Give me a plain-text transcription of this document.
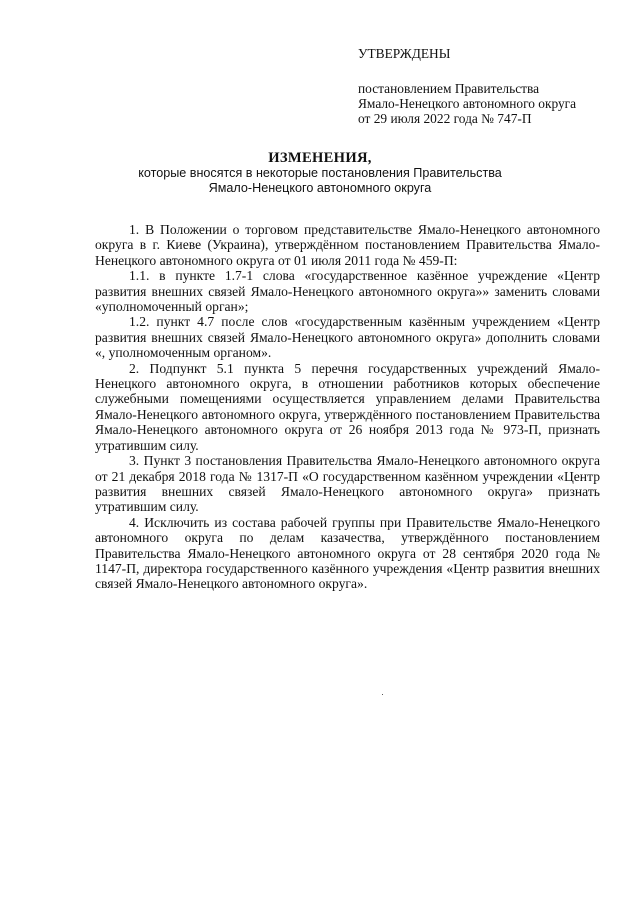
УТВЕРЖДЕНЫ
постановлением Правительства
Ямало-Ненецкого автономного округа
от 29 июля 2022 года № 747-П
ИЗМЕНЕНИЯ,
которые вносятся в некоторые постановления Правительства
Ямало-Ненецкого автономного округа

1. В Положении о торговом представительстве Ямало-Ненецкого автономного округа в г. Киеве (Украина), утверждённом постановлением Правительства Ямало-Ненецкого автономного округа от 01 июля 2011 года № 459-П:

1.1. в пункте 1.7-1 слова «государственное казённое учреждение «Центр развития внешних связей Ямало-Ненецкого автономного округа»» заменить словами «уполномоченный орган»;

1.2. пункт 4.7 после слов «государственным казённым учреждением «Центр развития внешних связей Ямало-Ненецкого автономного округа» дополнить словами «, уполномоченным органом».

2. Подпункт 5.1 пункта 5 перечня государственных учреждений Ямало-Ненецкого автономного округа, в отношении работников которых обеспечение служебными помещениями осуществляется управлением делами Правительства Ямало-Ненецкого автономного округа, утверждённого постановлением Правительства Ямало-Ненецкого автономного округа от 26 ноября 2013 года № 973-П, признать утратившим силу.

3. Пункт 3 постановления Правительства Ямало-Ненецкого автономного округа от 21 декабря 2018 года № 1317-П «О государственном казённом учреждении «Центр развития внешних связей Ямало-Ненецкого автономного округа» признать утратившим силу.

4. Исключить из состава рабочей группы при Правительстве Ямало-Ненецкого автономного округа по делам казачества, утверждённого постановлением Правительства Ямало-Ненецкого автономного округа от 28 сентября 2020 года № 1147-П, директора государственного казённого учреждения «Центр развития внешних связей Ямало-Ненецкого автономного округа».
